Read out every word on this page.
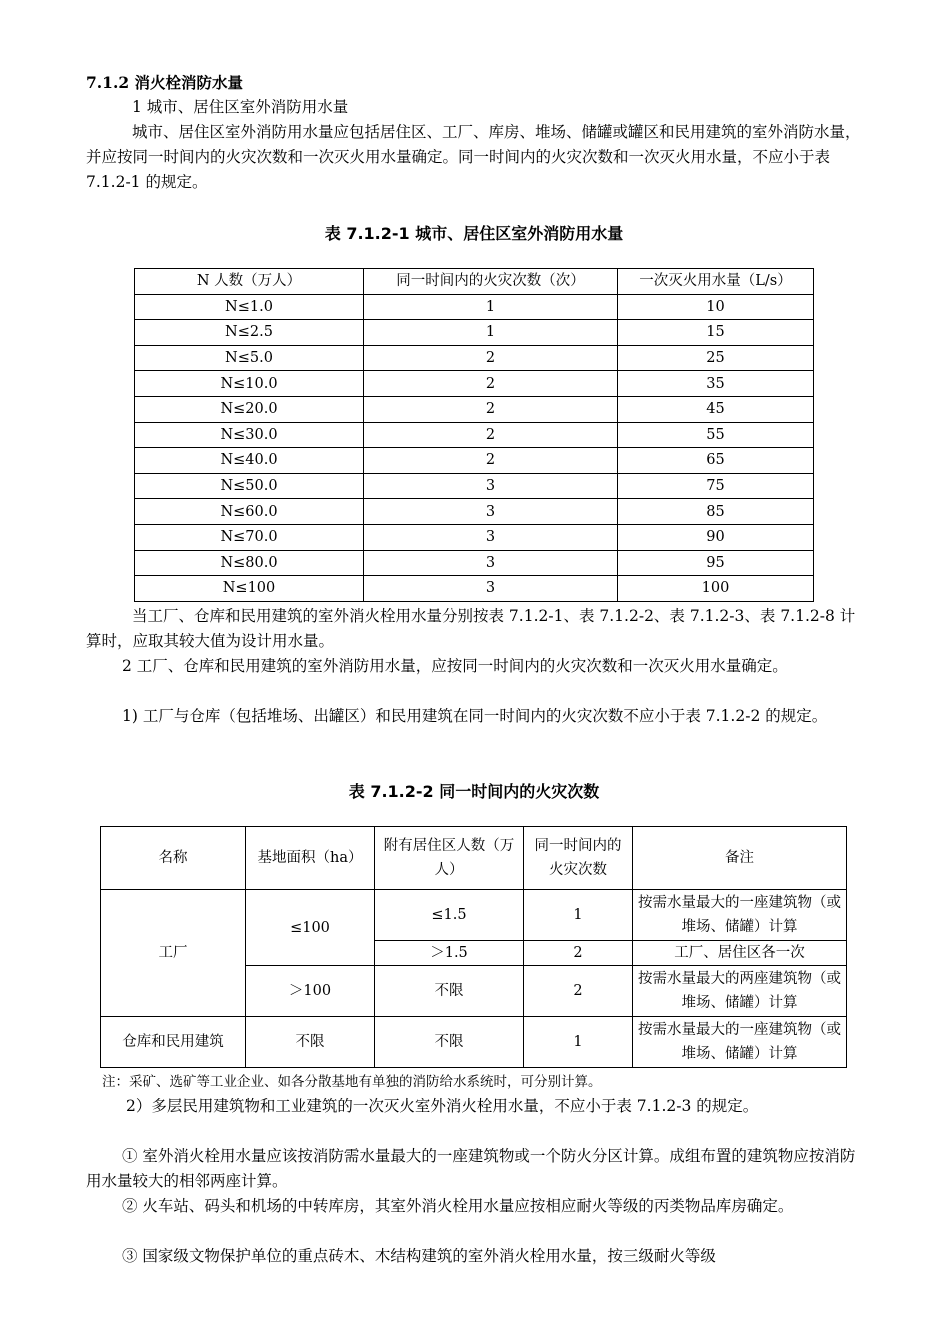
7.1.2 消火栓消防水量

1 城市、居住区室外消防用水量

城市、居住区室外消防用水量应包括居住区、工厂、库房、堆场、储罐或罐区和民用建筑的室外消防水量，并应按同一时间内的火灾次数和一次灭火用水量确定。同一时间内的火灾次数和一次灭火用水量，不应小于表 7.1.2-1 的规定。

表 7.1.2-1 城市、居住区室外消防用水量

N 人数（万人）	同一时间内的火灾次数（次）	一次灭火用水量（L/s）
N≤1.0	1	10
N≤2.5	1	15
N≤5.0	2	25
N≤10.0	2	35
N≤20.0	2	45
N≤30.0	2	55
N≤40.0	2	65
N≤50.0	3	75
N≤60.0	3	85
N≤70.0	3	90
N≤80.0	3	95
N≤100	3	100

当工厂、仓库和民用建筑的室外消火栓用水量分别按表 7.1.2-1、表 7.1.2-2、表 7.1.2-3、表 7.1.2-8 计算时，应取其较大值为设计用水量。

2 工厂、仓库和民用建筑的室外消防用水量，应按同一时间内的火灾次数和一次灭火用水量确定。

1) 工厂与仓库（包括堆场、出罐区）和民用建筑在同一时间内的火灾次数不应小于表 7.1.2-2 的规定。

表 7.1.2-2 同一时间内的火灾次数

名称	基地面积（ha）	附有居住区人数（万人）	同一时间内的火灾次数	备注
工厂	≤100	≤1.5	1	按需水量最大的一座建筑物（或堆场、储罐）计算
		＞1.5	2	工厂、居住区各一次
	＞100	不限	2	按需水量最大的两座建筑物（或堆场、储罐）计算
仓库和民用建筑	不限	不限	1	按需水量最大的一座建筑物（或堆场、储罐）计算

注：采矿、选矿等工业企业、如各分散基地有单独的消防给水系统时，可分别计算。

2）多层民用建筑物和工业建筑的一次灭火室外消火栓用水量，不应小于表 7.1.2-3 的规定。

① 室外消火栓用水量应该按消防需水量最大的一座建筑物或一个防火分区计算。成组布置的建筑物应按消防用水量较大的相邻两座计算。

② 火车站、码头和机场的中转库房，其室外消火栓用水量应按相应耐火等级的丙类物品库房确定。

③ 国家级文物保护单位的重点砖木、木结构建筑的室外消火栓用水量，按三级耐火等级
